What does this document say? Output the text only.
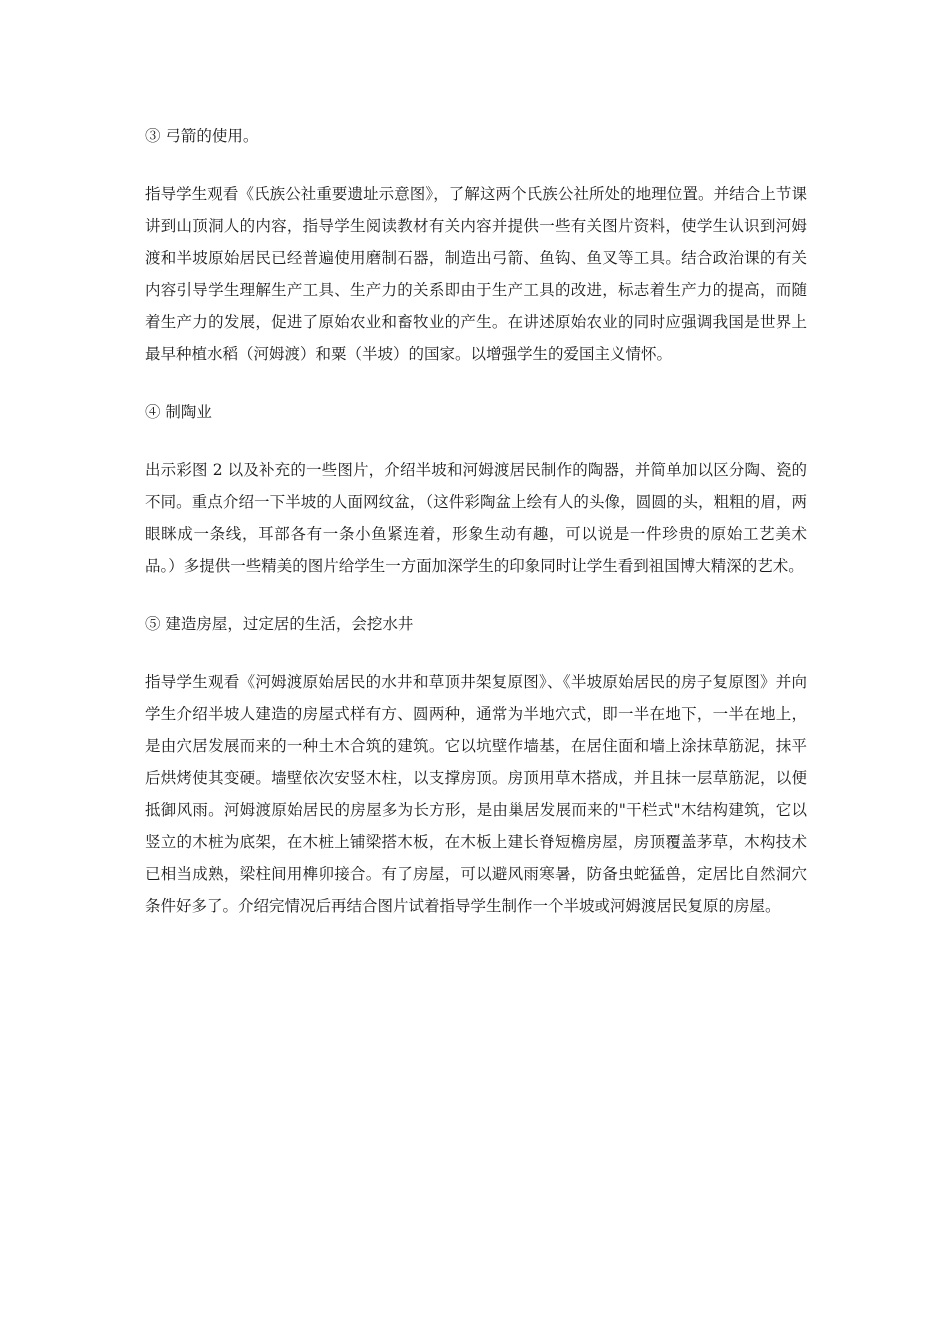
③ 弓箭的使用。

指导学生观看《氏族公社重要遗址示意图》，了解这两个氏族公社所处的地理位置。并结合上节课讲到山顶洞人的内容，指导学生阅读教材有关内容并提供一些有关图片资料，使学生认识到河姆渡和半坡原始居民已经普遍使用磨制石器，制造出弓箭、鱼钩、鱼叉等工具。结合政治课的有关内容引导学生理解生产工具、生产力的关系即由于生产工具的改进，标志着生产力的提高，而随着生产力的发展，促进了原始农业和畜牧业的产生。在讲述原始农业的同时应强调我国是世界上最早种植水稻（河姆渡）和粟（半坡）的国家。以增强学生的爱国主义情怀。

④ 制陶业

出示彩图 2 以及补充的一些图片，介绍半坡和河姆渡居民制作的陶器，并简单加以区分陶、瓷的不同。重点介绍一下半坡的人面网纹盆，（这件彩陶盆上绘有人的头像，圆圆的头，粗粗的眉，两眼眯成一条线，耳部各有一条小鱼紧连着，形象生动有趣，可以说是一件珍贵的原始工艺美术品。）多提供一些精美的图片给学生一方面加深学生的印象同时让学生看到祖国博大精深的艺术。

⑤ 建造房屋，过定居的生活，会挖水井

指导学生观看《河姆渡原始居民的水井和草顶井架复原图》、《半坡原始居民的房子复原图》并向学生介绍半坡人建造的房屋式样有方、圆两种，通常为半地穴式，即一半在地下，一半在地上，是由穴居发展而来的一种土木合筑的建筑。它以坑壁作墙基，在居住面和墙上涂抹草筋泥，抹平后烘烤使其变硬。墙壁依次安竖木柱，以支撑房顶。房顶用草木搭成，并且抹一层草筋泥，以便抵御风雨。河姆渡原始居民的房屋多为长方形，是由巢居发展而来的"干栏式"木结构建筑，它以竖立的木桩为底架，在木桩上铺梁搭木板，在木板上建长脊短檐房屋，房顶覆盖茅草，木构技术已相当成熟，梁柱间用榫卯接合。有了房屋，可以避风雨寒暑，防备虫蛇猛兽，定居比自然洞穴条件好多了。介绍完情况后再结合图片试着指导学生制作一个半坡或河姆渡居民复原的房屋。
